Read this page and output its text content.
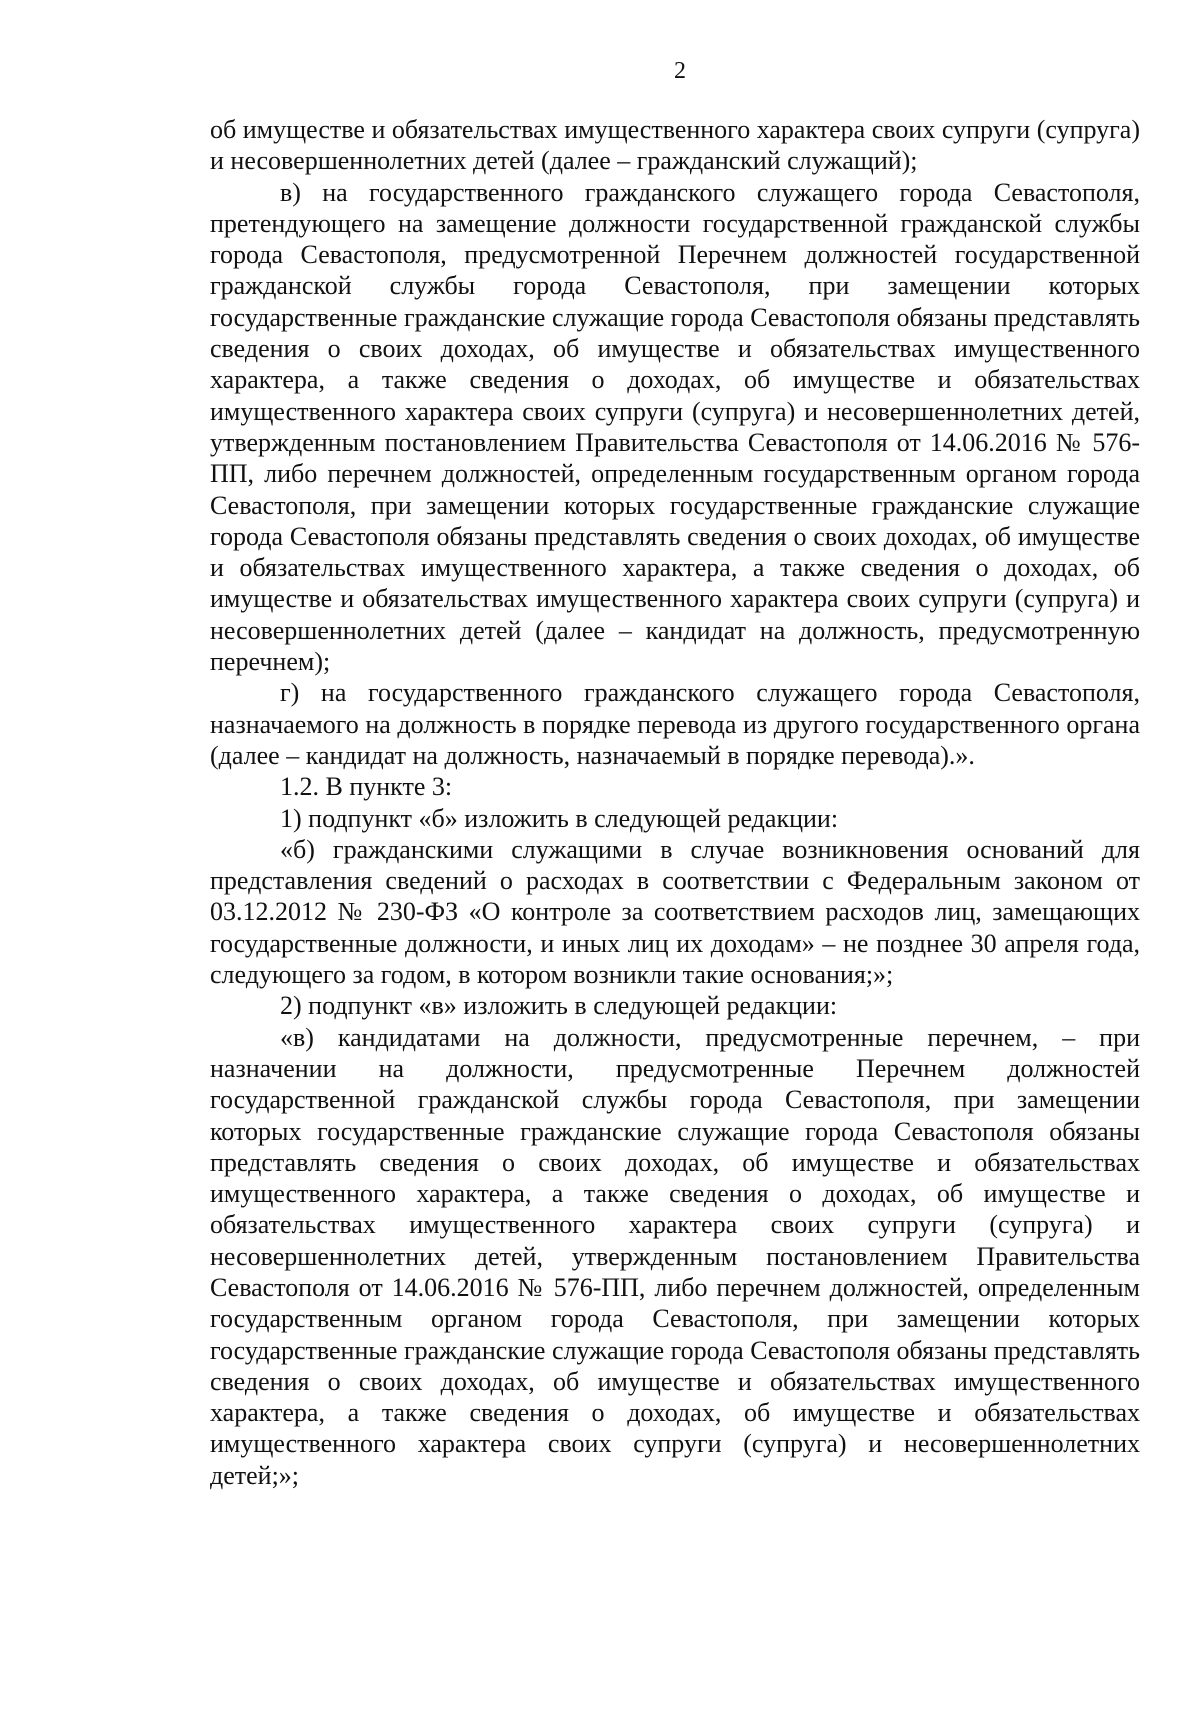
2

об имуществе и обязательствах имущественного характера своих супруги (супруга) и несовершеннолетних детей (далее – гражданский служащий);

в) на государственного гражданского служащего города Севастополя, претендующего на замещение должности государственной гражданской службы города Севастополя, предусмотренной Перечнем должностей государственной гражданской службы города Севастополя, при замещении которых государственные гражданские служащие города Севастополя обязаны представлять сведения о своих доходах, об имуществе и обязательствах имущественного характера, а также сведения о доходах, об имуществе и обязательствах имущественного характера своих супруги (супруга) и несовершеннолетних детей, утвержденным постановлением Правительства Севастополя от 14.06.2016 № 576-ПП, либо перечнем должностей, определенным государственным органом города Севастополя, при замещении которых государственные гражданские служащие города Севастополя обязаны представлять сведения о своих доходах, об имуществе и обязательствах имущественного характера, а также сведения о доходах, об имуществе и обязательствах имущественного характера своих супруги (супруга) и несовершеннолетних детей (далее – кандидат на должность, предусмотренную перечнем);

г) на государственного гражданского служащего города Севастополя, назначаемого на должность в порядке перевода из другого государственного органа (далее – кандидат на должность, назначаемый в порядке перевода).».

1.2. В пункте 3:

1) подпункт «б» изложить в следующей редакции:

«б) гражданскими служащими в случае возникновения оснований для представления сведений о расходах в соответствии с Федеральным законом от 03.12.2012 № 230-ФЗ «О контроле за соответствием расходов лиц, замещающих государственные должности, и иных лиц их доходам» – не позднее 30 апреля года, следующего за годом, в котором возникли такие основания;»;

2) подпункт «в» изложить в следующей редакции:

«в) кандидатами на должности, предусмотренные перечнем, – при назначении на должности, предусмотренные Перечнем должностей государственной гражданской службы города Севастополя, при замещении которых государственные гражданские служащие города Севастополя обязаны представлять сведения о своих доходах, об имуществе и обязательствах имущественного характера, а также сведения о доходах, об имуществе и обязательствах имущественного характера своих супруги (супруга) и несовершеннолетних детей, утвержденным постановлением Правительства Севастополя от 14.06.2016 № 576-ПП, либо перечнем должностей, определенным государственным органом города Севастополя, при замещении которых государственные гражданские служащие города Севастополя обязаны представлять сведения о своих доходах, об имуществе и обязательствах имущественного характера, а также сведения о доходах, об имуществе и обязательствах имущественного характера своих супруги (супруга) и несовершеннолетних детей;»;
